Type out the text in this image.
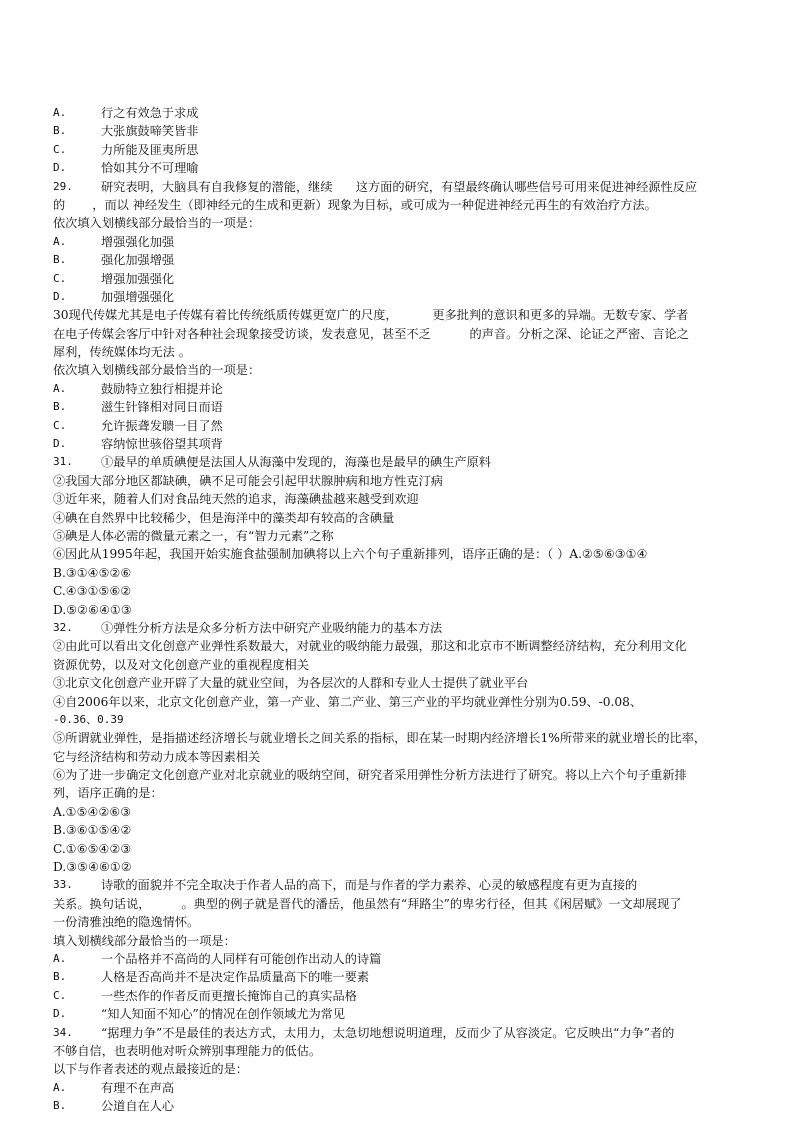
A.	行之有效急于求成
B.	大张旗鼓啼笑皆非
C.	力所能及匪夷所思
D.	恰如其分不可理喻
29.	研究表明，大脑具有自我修复的潜能，继续      这方面的研究，有望最终确认哪些信号可用来促进神经源性反应
的       ，而以 神经发生（即神经元的生成和更新）现象为目标，或可成为一种促进神经元再生的有效治疗方法。
依次填入划横线部分最恰当的一项是：
A.	增强强化加强
B.	强化加强增强
C.	增强加强强化
D.	加强增强强化
30现代传媒尤其是电子传媒有着比传统纸质传媒更宽广的尺度，         更多批判的意识和更多的异端。无数专家、学者
在电子传媒会客厅中针对各种社会现象接受访谈，发表意见，甚至不乏          的声音。分析之深、论证之严密、言论之
犀利，传统媒体均无法 。
依次填入划横线部分最恰当的一项是：
A.	鼓励特立独行相提并论
B.	滋生针锋相对同日而语
C.	允许振聋发聩一目了然
D.	容纳惊世骇俗望其项背
31.	①最早的单质碘便是法国人从海藻中发现的，海藻也是最早的碘生产原料
②我国大部分地区都缺碘，碘不足可能会引起甲状腺肿病和地方性克汀病
③近年来，随着人们对食品纯天然的追求，海藻碘盐越来越受到欢迎
④碘在自然界中比较稀少，但是海洋中的藻类却有较高的含碘量
⑤碘是人体必需的微量元素之一，有“智力元素”之称
⑥因此从1995年起，我国开始实施食盐强制加碘将以上六个句子重新排列，语序正确的是：（ ）A.②⑤⑥③①④
B.③①④⑤②⑥
C.④③①⑤⑥②
D.⑤②⑥④①③
32.	①弹性分析方法是众多分析方法中研究产业吸纳能力的基本方法
②由此可以看出文化创意产业弹性系数最大，对就业的吸纳能力最强，那这和北京市不断调整经济结构，充分利用文化
资源优势，以及对文化创意产业的重视程度相关
③北京文化创意产业开辟了大量的就业空间，为各层次的人群和专业人士提供了就业平台
④自2006年以来，北京文化创意产业，第一产业、第二产业、第三产业的平均就业弹性分别为0.59、-0.08、
-0.36、0.39
⑤所谓就业弹性，是指描述经济增长与就业增长之间关系的指标，即在某一时期内经济增长1%所带来的就业增长的比率，
它与经济结构和劳动力成本等因素相关
⑥为了进一步确定文化创意产业对北京就业的吸纳空间，研究者采用弹性分析方法进行了研究。将以上六个句子重新排
列，语序正确的是：
A.①⑤④②⑥③
B.③⑥①⑤④②
C.①⑥⑤④②③
D.③⑤④⑥①②
33.	诗歌的面貌并不完全取决于作者人品的高下，而是与作者的学力素养、心灵的敏感程度有更为直接的
关系。换句话说，        。典型的例子就是晋代的潘岳，他虽然有“拜路尘”的卑劣行径，但其《闲居赋》一文却展现了
一份清雅浊绝的隐逸情怀。
填入划横线部分最恰当的一项是：
A.	一个品格并不高尚的人同样有可能创作出动人的诗篇
B.	人格是否高尚并不是决定作品质量高下的唯一要素
C.	一些杰作的作者反而更擅长掩饰自己的真实品格
D.	“知人知面不知心”的情况在创作领域尤为常见
34.	“据理力争”不是最佳的表达方式，太用力，太急切地想说明道理，反而少了从容淡定。它反映出“力争”者的
不够自信，也表明他对听众辨别事理能力的低估。
以下与作者表述的观点最接近的是：
A.	有理不在声高
B.	公道自在人心
